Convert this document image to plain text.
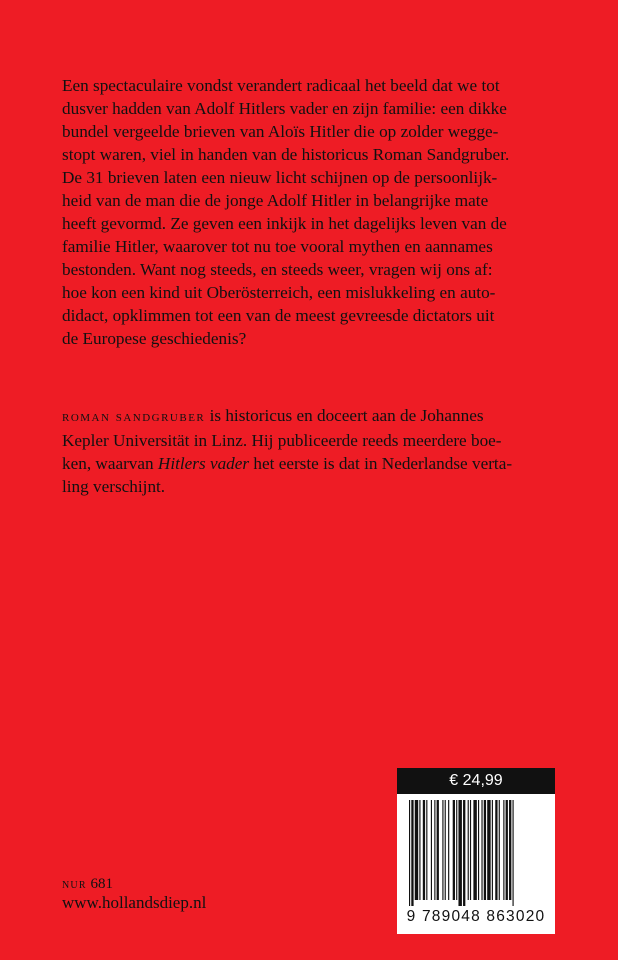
Een spectaculaire vondst verandert radicaal het beeld dat we tot
dusver hadden van Adolf Hitlers vader en zijn familie: een dikke
bundel vergeelde brieven van Aloïs Hitler die op zolder wegge-
stopt waren, viel in handen van de historicus Roman Sandgruber.
De 31 brieven laten een nieuw licht schijnen op de persoonlijk-
heid van de man die de jonge Adolf Hitler in belangrijke mate
heeft gevormd. Ze geven een inkijk in het dagelijks leven van de
familie Hitler, waarover tot nu toe vooral mythen en aannames
bestonden. Want nog steeds, en steeds weer, vragen wij ons af:
hoe kon een kind uit Oberösterreich, een mislukkeling en auto-
didact, opklimmen tot een van de meest gevreesde dictators uit
de Europese geschiedenis?

roman sandgruber is historicus en doceert aan de Johannes
Kepler Universität in Linz. Hij publiceerde reeds meerdere boe-
ken, waarvan Hitlers vader het eerste is dat in Nederlandse verta-
ling verschijnt.
nur 681
www.hollandsdiep.nl
€ 24,99
9 789048 863020
